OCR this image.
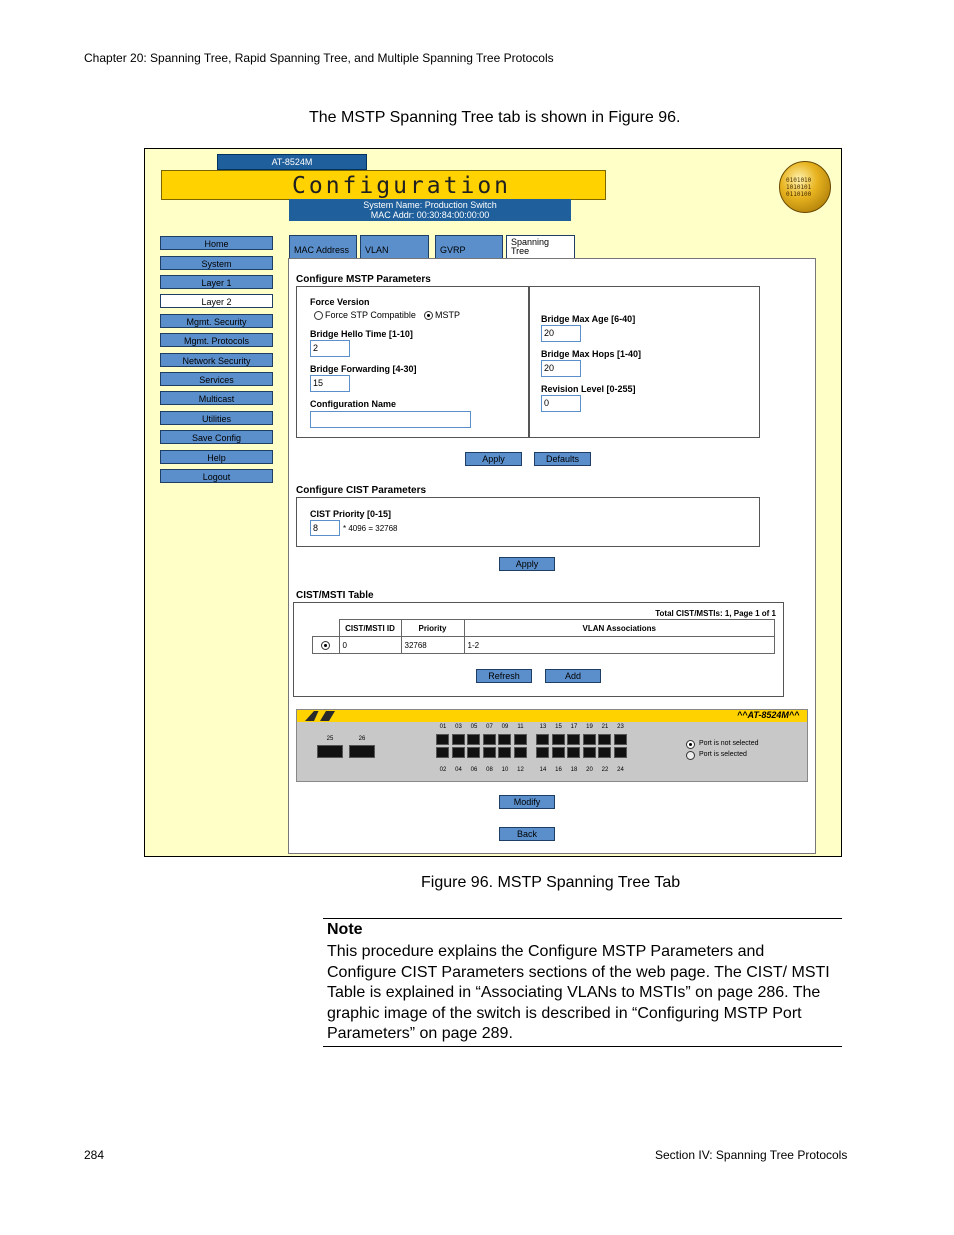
Chapter 20: Spanning Tree, Rapid Spanning Tree, and Multiple Spanning Tree Protocols
The MSTP Spanning Tree tab is shown in Figure 96.
AT-8524M
Configuration
System Name: Production Switch
MAC Addr: 00:30:84:00:00:00
0101010
1010101
0110100
Home
System
Layer 1
Layer 2
Mgmt. Security
Mgmt. Protocols
Network Security
Services
Multicast
Utilities
Save Config
Help
Logout
MAC Address	VLAN	GVRP
Spanning
Tree
Configure MSTP Parameters
Force Version
Force STP Compatible MSTP
Bridge Hello Time [1-10]
2
Bridge Forwarding [4-30]
15
Configuration Name
Bridge Max Age [6-40]
20
Bridge Max Hops [1-40]
20
Revision Level [0-255]
0
Apply	Defaults
Configure CIST Parameters
CIST Priority [0-15]
8	* 4096 = 32768
Apply
CIST/MSTI Table
Total CIST/MSTIs: 1, Page 1 of 1
	CIST/MSTI ID	Priority	VLAN Associations
	0	32768	1-2
Refresh	Add
Modify
Back
^^AT-8524M^^
01
02
03
04
05
06
07
08
09
10
11
12
13
14
15
16
17
18
19
20
21
22
23
24
25	26
Port is not selected
Port is selected
Figure 96. MSTP Spanning Tree Tab
Note
This procedure explains the Configure MSTP Parameters and Configure CIST Parameters sections of the web page. The CIST/ MSTI Table is explained in “Associating VLANs to MSTIs” on page 286. The graphic image of the switch is described in “Configuring MSTP Port Parameters” on page 289.
284	Section IV: Spanning Tree Protocols
